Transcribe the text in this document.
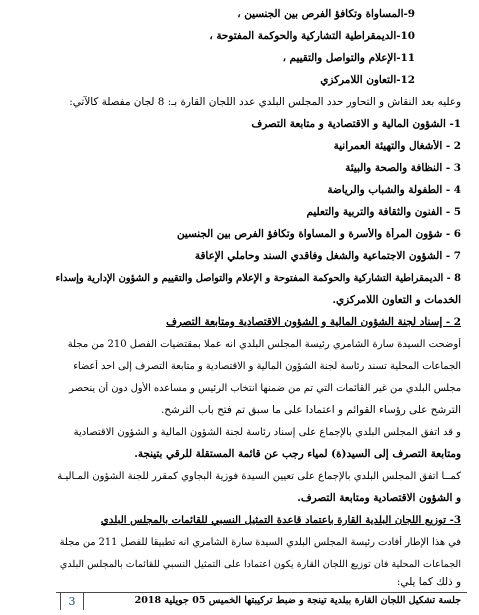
9-المساواة وتكافؤ الفرص بين الجنسين ،
10-الديمقراطية التشاركية والحوكمة المفتوحة ،
11-الإعلام والتواصل والتقييم ،
12-التعاون اللامركزي
وعليه بعد النقاش و التحاور حدد المجلس البلدي عدد اللجان القارة بـ: 8 لجان مفصلة كالآتي:
1- الشؤون المالية و الاقتصادية و متابعة التصرف
2 - الأشغال والتهيئة العمرانية
3 - النظافة والصحة والبيئة
4 - الطفولة والشباب والرياضة
5 - الفنون والثقافة والتربية والتعليم
6 - شؤون المرأة والأسرة و المساواة وتكافؤ الفرص بين الجنسين
7 - الشؤون الاجتماعية والشغل وفاقدي السند وحاملي الإعاقة
8 - الديمقراطية التشاركية والحوكمة المفتوحة و الإعلام والتواصل والتقييم و الشؤون الإدارية وإسداء
الخدمات و التعاون اللامركزي.
2 - إسناد لجنة الشؤون المالية و الشؤون الاقتصادية ومتابعة التصرف
أوضحت السيدة سارة الشامري رئيسة المجلس البلدي انه عملا بمقتضيات الفصل 210 من مجلة
الجماعات المحلية تسند رئاسة لجنة الشؤون المالية و الاقتصادية و متابعة التصرف إلى احد أعضاء
مجلس البلدي من غير القائمات التي تم من ضمنها انتخاب الرئيس و مساعده الأول دون أن ينحصر
الترشح على رؤساء القوائم و اعتمادا على ما سبق تم فتح باب الترشح.
و قد اتفق المجلس البلدي بالإجماع على إسناد رئاسة لجنة الشؤون المالية و الشؤون الاقتصادية
ومتابعة التصرف إلى السيد(ة) لمياء رجب عن قائمة المستقلة للرقي بتينجة.
كمــا اتفق المجلس البلدي بالإجماع على تعيين السيدة فوزية البجاوي كمقرر للجنة الشؤون المـاليـة
و الشؤون الاقتصادية ومتابعة التصرف.
3- توزيع اللجان البلدية القارة باعتماد قاعدة التمثيل النسبي للقائمات بالمجلس البلدي
في هذا الإطار أفادت رئيسة المجلس البلدي السيدة سارة الشامري انه تطبيقا للفصل 211 من مجلة
الجماعات المحلية فان توزيع اللجان القارة يكون اعتمادا على التمثيل النسبي للقائمات بالمجلس البلدي
و ذلك كما يلي:
جلسة تشكيل اللجان القارة ببلدية تينجة و ضبط تركيبتها الخميس 05 جويلية 2018
3
